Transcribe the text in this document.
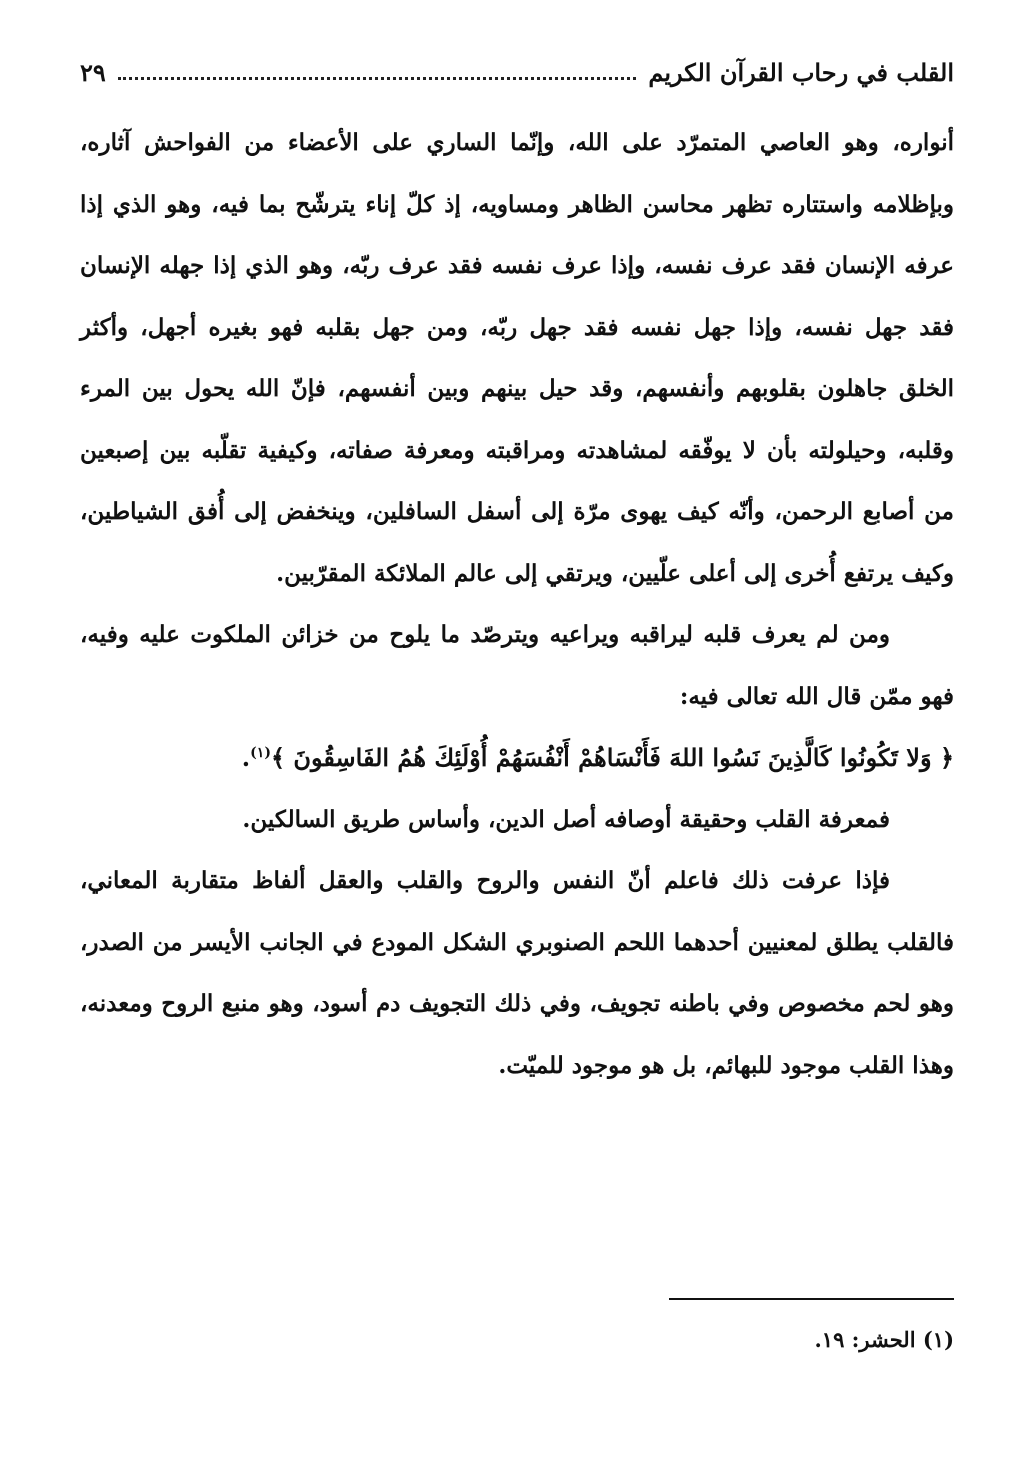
القلب في رحاب القرآن الكريم
٢٩

أنواره، وهو العاصي المتمرّد على الله، وإنّما الساري على الأعضاء من الفواحش آثاره، وبإظلامه واستتاره تظهر محاسن الظاهر ومساويه، إذ كلّ إناء يترشّح بما فيه، وهو الذي إذا عرفه الإنسان فقد عرف نفسه، وإذا عرف نفسه فقد عرف ربّه، وهو الذي إذا جهله الإنسان فقد جهل نفسه، وإذا جهل نفسه فقد جهل ربّه، ومن جهل بقلبه فهو بغيره أجهل، وأكثر الخلق جاهلون بقلوبهم وأنفسهم، وقد حيل بينهم وبين أنفسهم، فإنّ الله يحول بين المرء وقلبه، وحيلولته بأن لا يوفّقه لمشاهدته ومراقبته ومعرفة صفاته، وكيفية تقلّبه بين إصبعين من أصابع الرحمن، وأنّه كيف يهوى مرّة إلى أسفل السافلين، وينخفض إلى أُفق الشياطين، وكيف يرتفع أُخرى إلى أعلى علّيين، ويرتقي إلى عالم الملائكة المقرّبين.

ومن لم يعرف قلبه ليراقبه ويراعيه ويترصّد ما يلوح من خزائن الملكوت عليه وفيه، فهو ممّن قال الله تعالى فيه:

﴿ وَلا تَكُونُوا كَالَّذِينَ نَسُوا اللهَ فَأَنْسَاهُمْ أَنْفُسَهُمْ أُوْلَئِكَ هُمُ الفَاسِقُونَ ﴾$^{(١)}$.

فمعرفة القلب وحقيقة أوصافه أصل الدين، وأساس طريق السالكين.

فإذا عرفت ذلك فاعلم أنّ النفس والروح والقلب والعقل ألفاظ متقاربة المعاني، فالقلب يطلق لمعنيين أحدهما اللحم الصنوبري الشكل المودع في الجانب الأيسر من الصدر، وهو لحم مخصوص وفي باطنه تجويف، وفي ذلك التجويف دم أسود، وهو منبع الروح ومعدنه، وهذا القلب موجود للبهائم، بل هو موجود للميّت.

(١) الحشر: ١٩.
